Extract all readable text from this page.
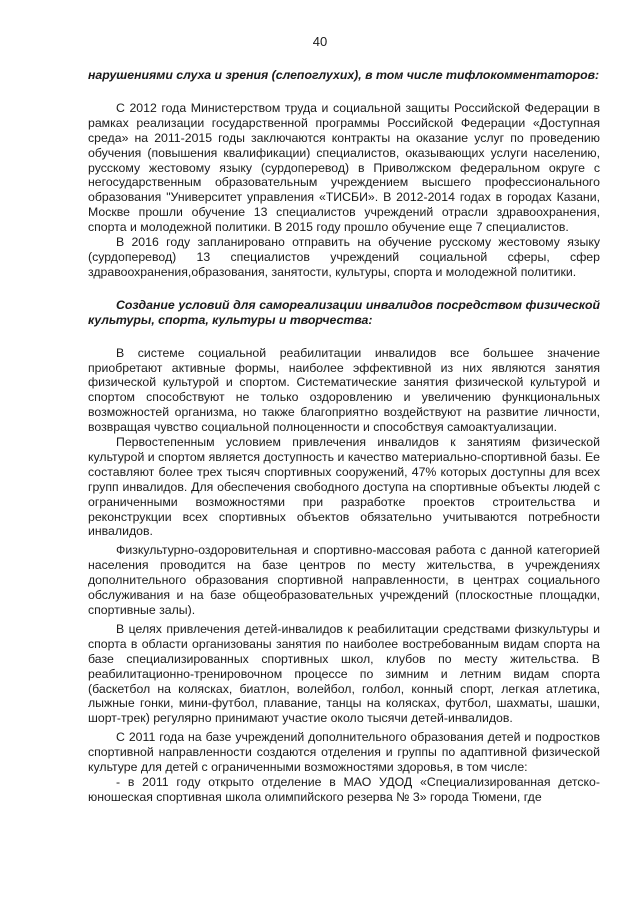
40

нарушениями слуха и зрения (слепоглухих), в том числе тифлокомментаторов:

С 2012 года Министерством труда и социальной защиты Российской Федерации в рамках реализации государственной программы Российской Федерации «Доступная среда» на 2011-2015 годы заключаются контракты на оказание услуг по проведению обучения (повышения квалификации) специалистов, оказывающих услуги населению, русскому жестовому языку (сурдоперевод) в Приволжском федеральном округе с негосударственным образовательным учреждением высшего профессионального образования "Университет управления «ТИСБИ». В 2012-2014 годах в городах Казани, Москве прошли обучение 13 специалистов учреждений отрасли здравоохранения, спорта и молодежной политики. В 2015 году прошло обучение еще 7 специалистов.

В 2016 году запланировано отправить на обучение русскому жестовому языку (сурдоперевод) 13 специалистов учреждений социальной сферы, сфер здравоохранения,образования, занятости, культуры, спорта и молодежной политики.

Создание условий для самореализации инвалидов посредством физической культуры, спорта, культуры и творчества:

В системе социальной реабилитации инвалидов все большее значение приобретают активные формы, наиболее эффективной из них являются занятия физической культурой и спортом. Систематические занятия физической культурой и спортом способствуют не только оздоровлению и увеличению функциональных возможностей организма, но также благоприятно воздействуют на развитие личности, возвращая чувство социальной полноценности и способствуя самоактуализации.

Первостепенным условием привлечения инвалидов к занятиям физической культурой и спортом является доступность и качество материально-спортивной базы. Ее составляют более трех тысяч спортивных сооружений, 47% которых доступны для всех групп инвалидов. Для обеспечения свободного доступа на спортивные объекты людей с ограниченными возможностями при разработке проектов строительства и реконструкции всех спортивных объектов обязательно учитываются потребности инвалидов.

Физкультурно-оздоровительная и спортивно-массовая работа с данной категорией населения проводится на базе центров по месту жительства, в учреждениях дополнительного образования спортивной направленности, в центрах социального обслуживания и на базе общеобразовательных учреждений (плоскостные площадки, спортивные залы).

В целях привлечения детей-инвалидов к реабилитации средствами физкультуры и спорта в области организованы занятия по наиболее востребованным видам спорта на базе специализированных спортивных школ, клубов по месту жительства. В реабилитационно-тренировочном процессе по зимним и летним видам спорта (баскетбол на колясках, биатлон, волейбол, голбол, конный спорт, легкая атлетика, лыжные гонки, мини-футбол, плавание, танцы на колясках, футбол, шахматы, шашки, шорт-трек) регулярно принимают участие около тысячи детей-инвалидов.

С 2011 года на базе учреждений дополнительного образования детей и подростков спортивной направленности создаются отделения и группы по адаптивной физической культуре для детей с ограниченными возможностями здоровья, в том числе:

- в 2011 году открыто отделение в МАО УДОД «Специализированная детско-юношеская спортивная школа олимпийского резерва № 3» города Тюмени, где
